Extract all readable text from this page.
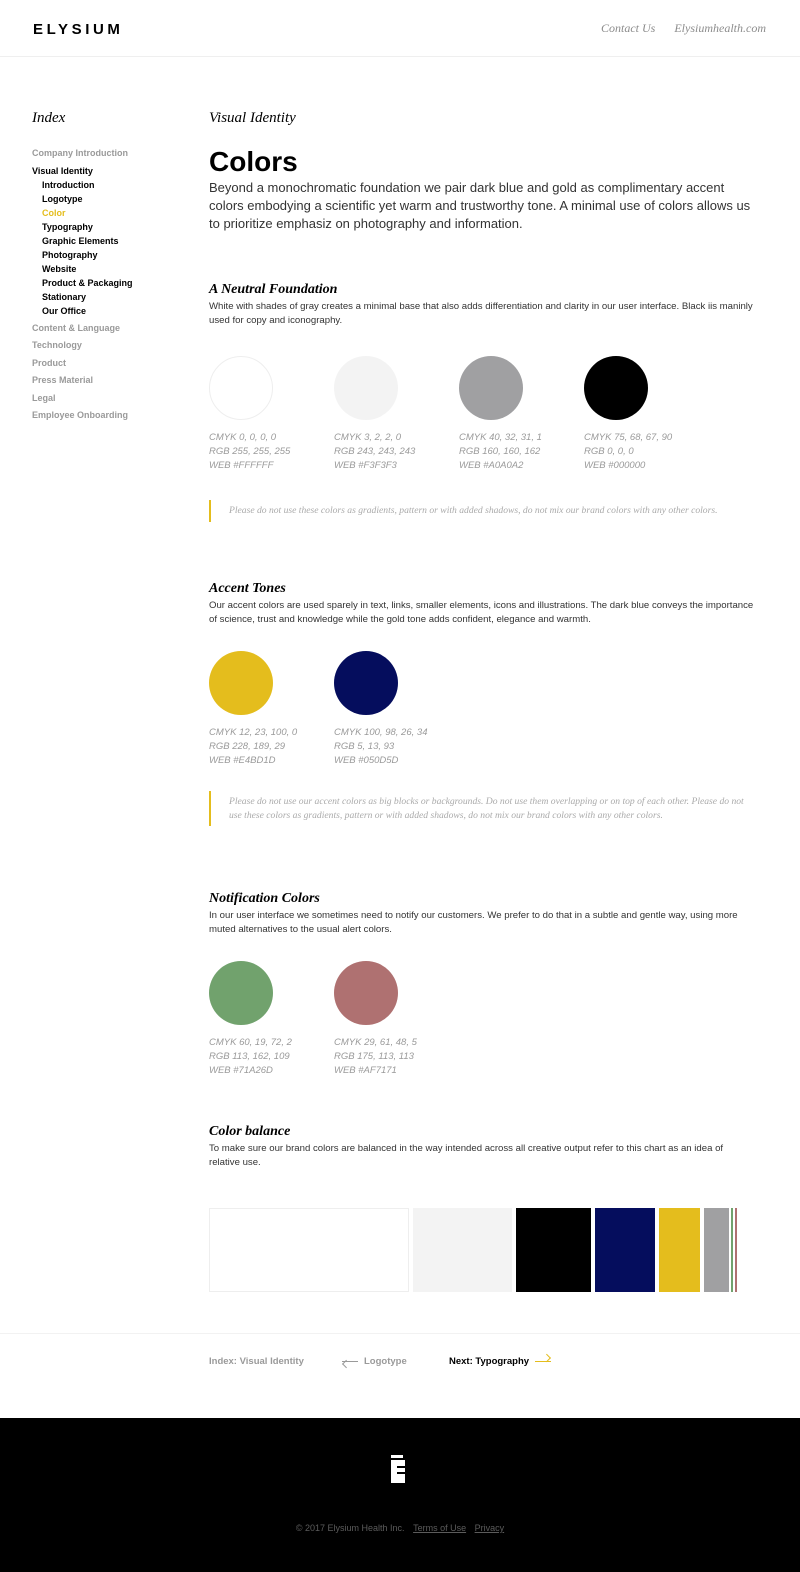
ELYSIUM	Contact Us Elysiumhealth.com
Index
Company Introduction
Visual Identity
Introduction
Logotype
Color
Typography
Graphic Elements
Photography
Website
Product & Packaging
Stationary
Our Office
Content & Language
Technology
Product
Press Material
Legal
Employee Onboarding
Visual Identity
Colors

Beyond a monochromatic foundation we pair dark blue and gold as complimentary accent colors embodying a scientific yet warm and trustworthy tone. A minimal use of colors allows us to prioritize emphasiz on photography and information.

A Neutral Foundation

White with shades of gray creates a minimal base that also adds differentiation and clarity in our user interface. Black iis maninly used for copy and iconography.

CMYK 0, 0, 0, 0
RGB 255, 255, 255
WEB #FFFFFF
CMYK 3, 2, 2, 0
RGB 243, 243, 243
WEB #F3F3F3
CMYK 40, 32, 31, 1
RGB 160, 160, 162
WEB #A0A0A2
CMYK 75, 68, 67, 90
RGB 0, 0, 0
WEB #000000
Please do not use these colors as gradients, pattern or with added shadows, do not mix our brand colors with any other colors.
Accent Tones

Our accent colors are used sparely in text, links, smaller elements, icons and illustrations. The dark blue conveys the importance of science, trust and knowledge while the gold tone adds confident, elegance and warmth.

CMYK 12, 23, 100, 0
RGB 228, 189, 29
WEB #E4BD1D
CMYK 100, 98, 26, 34
RGB 5, 13, 93
WEB #050D5D
Please do not use our accent colors as big blocks or backgrounds. Do not use them overlapping or on top of each other. Please do not use these colors as gradients, pattern or with added shadows, do not mix our brand colors with any other colors.
Notification Colors

In our user interface we sometimes need to notify our customers. We prefer to do that in a subtle and gentle way, using more muted alternatives to the usual alert colors.

CMYK 60, 19, 72, 2
RGB 113, 162, 109
WEB #71A26D
CMYK 29, 61, 48, 5
RGB 175, 113, 113
WEB #AF7171
Color balance

To make sure our brand colors are balanced in the way intended across all creative output refer to this chart as an idea of relative use.

Index: Visual Identity	Logotype	Next: Typography
© 2017 Elysium Health Inc. Terms of Use Privacy
